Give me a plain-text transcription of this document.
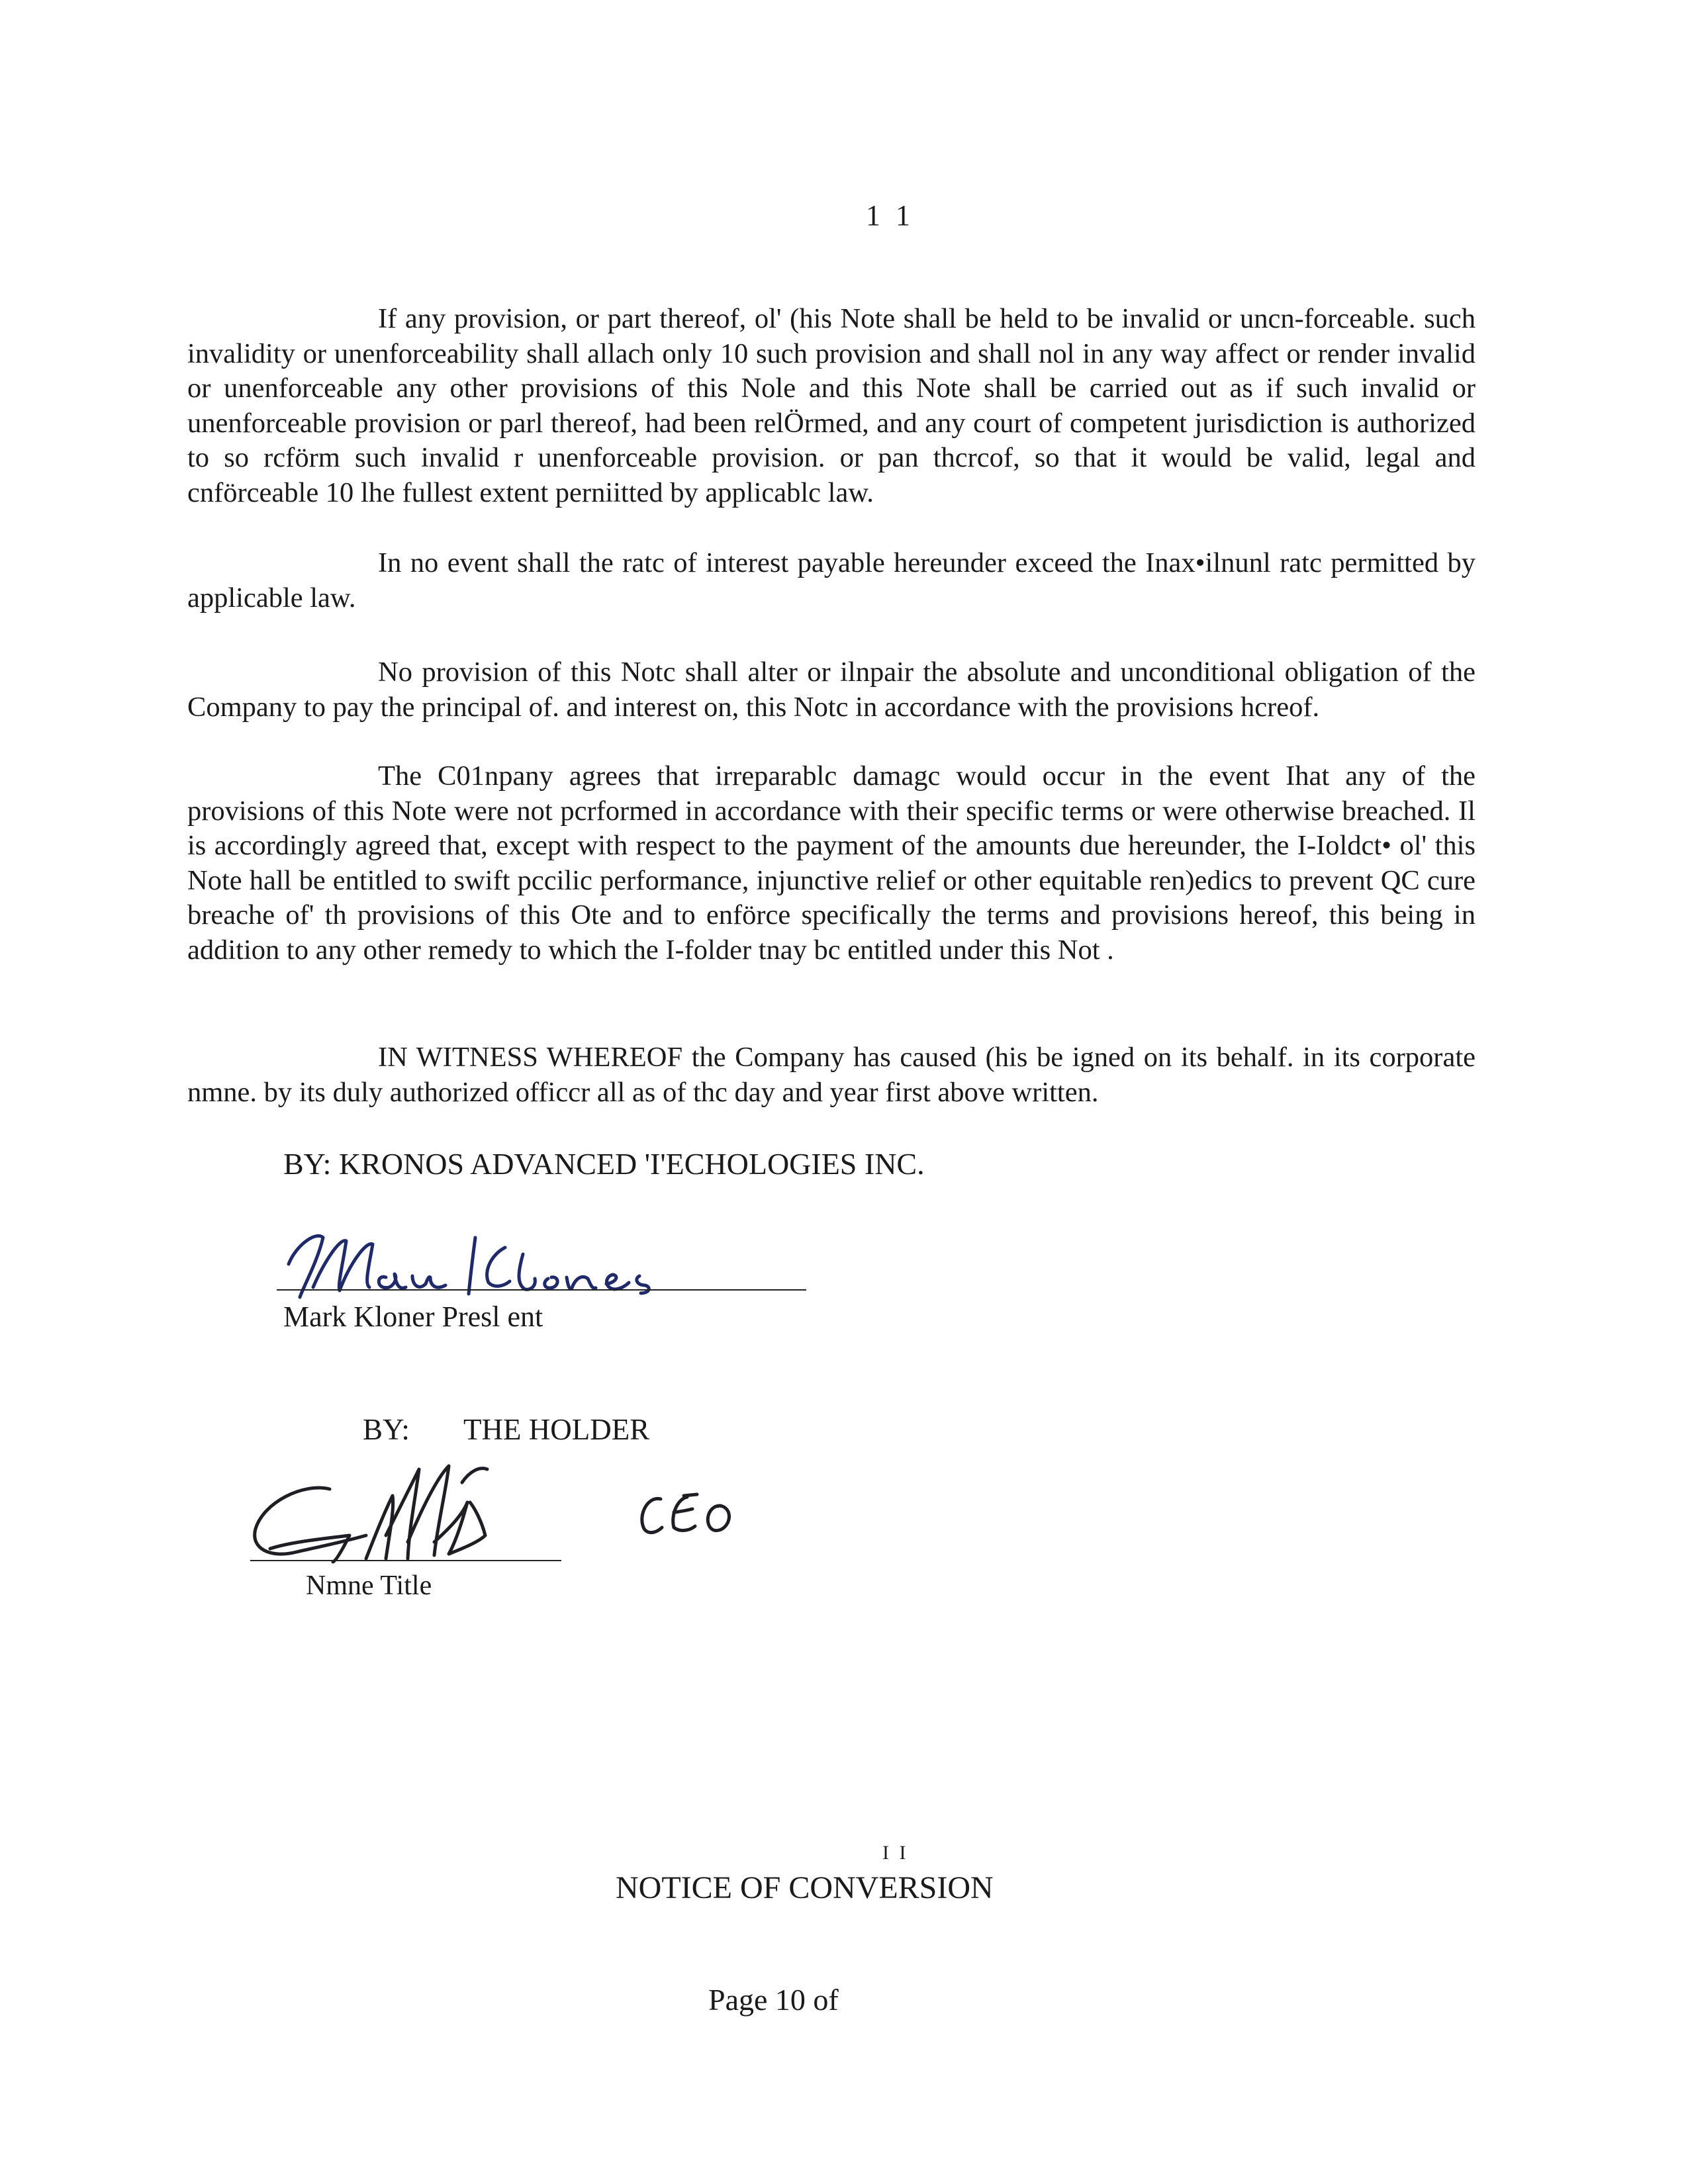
1 1

If any provision, or part thereof, ol' (his Note shall be held to be invalid or uncn-forceable. such invalidity or unenforceability shall allach only 10 such provision and shall nol in any way affect or render invalid or unenforceable any other provisions of this Nole and this Note shall be carried out as if such invalid or unenforceable provision or parl thereof, had been relÖrmed, and any court of competent jurisdiction is authorized to so rcförm such invalid r unenforceable provision. or pan thcrcof, so that it would be valid, legal and cnförceable 10 lhe fullest extent perniitted by applicablc law.

In no event shall the ratc of interest payable hereunder exceed the Inax•ilnunl ratc permitted by applicable law.

No provision of this Notc shall alter or ilnpair the absolute and unconditional obligation of the Company to pay the principal of. and interest on, this Notc in accordance with the provisions hcreof.

The C01npany agrees that irreparablc damagc would occur in the event Ihat any of the provisions of this Note were not pcrformed in accordance with their specific terms or were otherwise breached. Il is accordingly agreed that, except with respect to the payment of the amounts due hereunder, the I-Ioldct• ol' this Note hall be entitled to swift pccilic performance, injunctive relief or other equitable ren)edics to prevent QC cure breache of' th provisions of this Ote and to enförce specifically the terms and provisions hereof, this being in addition to any other remedy to which the I-folder tnay bc entitled under this Not .

IN WITNESS WHEREOF the Company has caused (his be igned on its behalf. in its corporate nmne. by its duly authorized officcr all as of thc day and year first above written.

BY: KRONOS ADVANCED 'I'ECHOLOGIES INC.
Mark Kloner Presl ent
BY: THE HOLDER
Nmne Title
I I
NOTICE OF CONVERSION
Page 10 of
